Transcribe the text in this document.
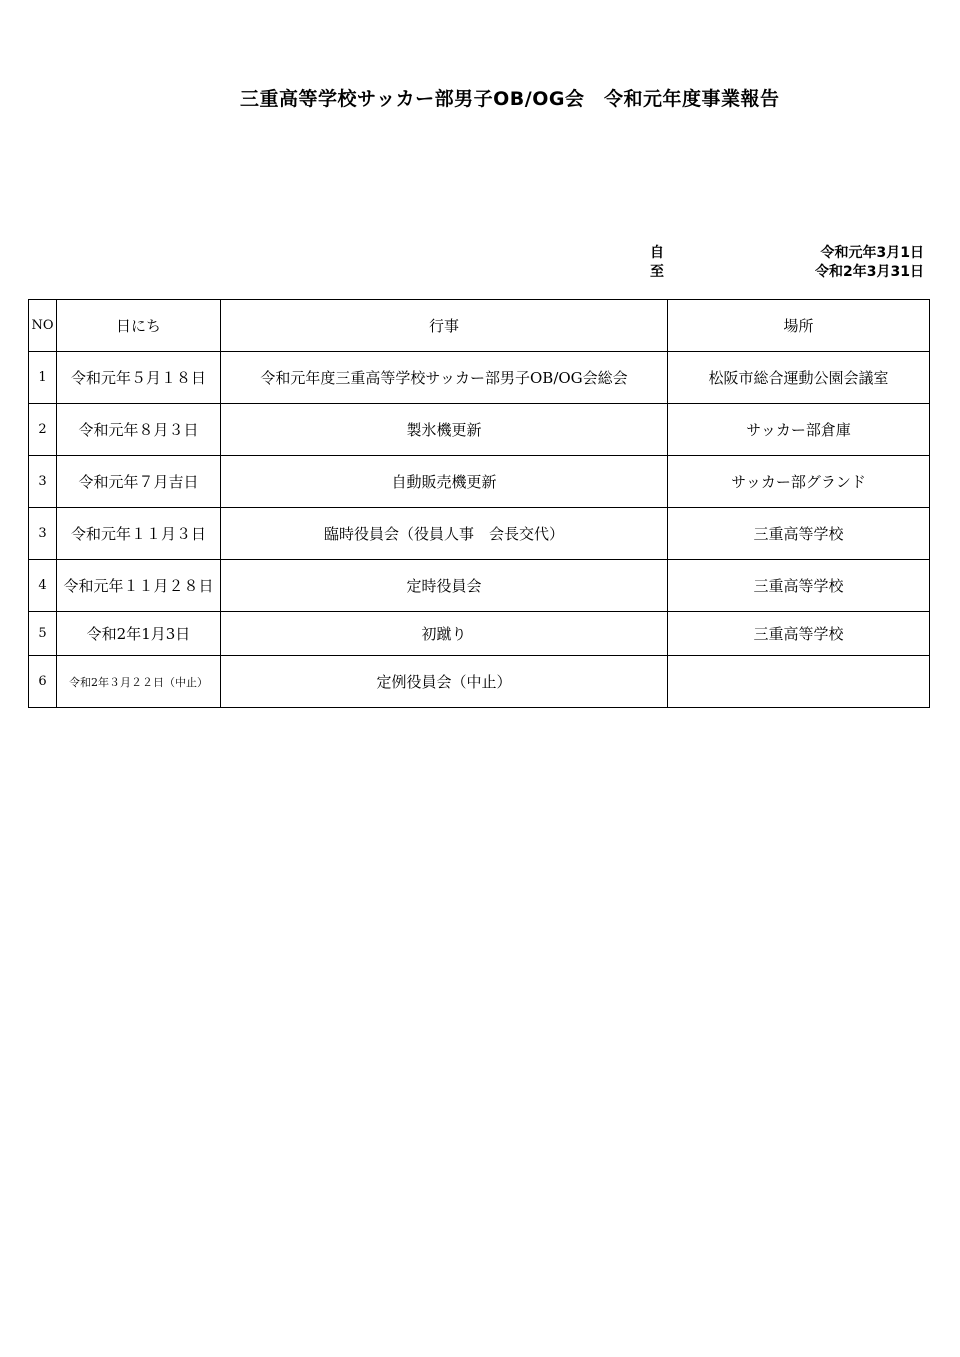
三重高等学校サッカー部男子OB/OG会　令和元年度事業報告
自	令和元年3月1日
至	令和2年3月31日
NO	日にち	行事	場所
1	令和元年５月１８日	令和元年度三重高等学校サッカー部男子OB/OG会総会	松阪市総合運動公園会議室
2	令和元年８月３日	製氷機更新	サッカー部倉庫
3	令和元年７月吉日	自動販売機更新	サッカー部グランド
3	令和元年１１月３日	臨時役員会（役員人事　会長交代）	三重高等学校
4	令和元年１１月２８日	定時役員会	三重高等学校
5	令和2年1月3日	初蹴り	三重高等学校
6	令和2年３月２２日（中止）	定例役員会（中止）	
